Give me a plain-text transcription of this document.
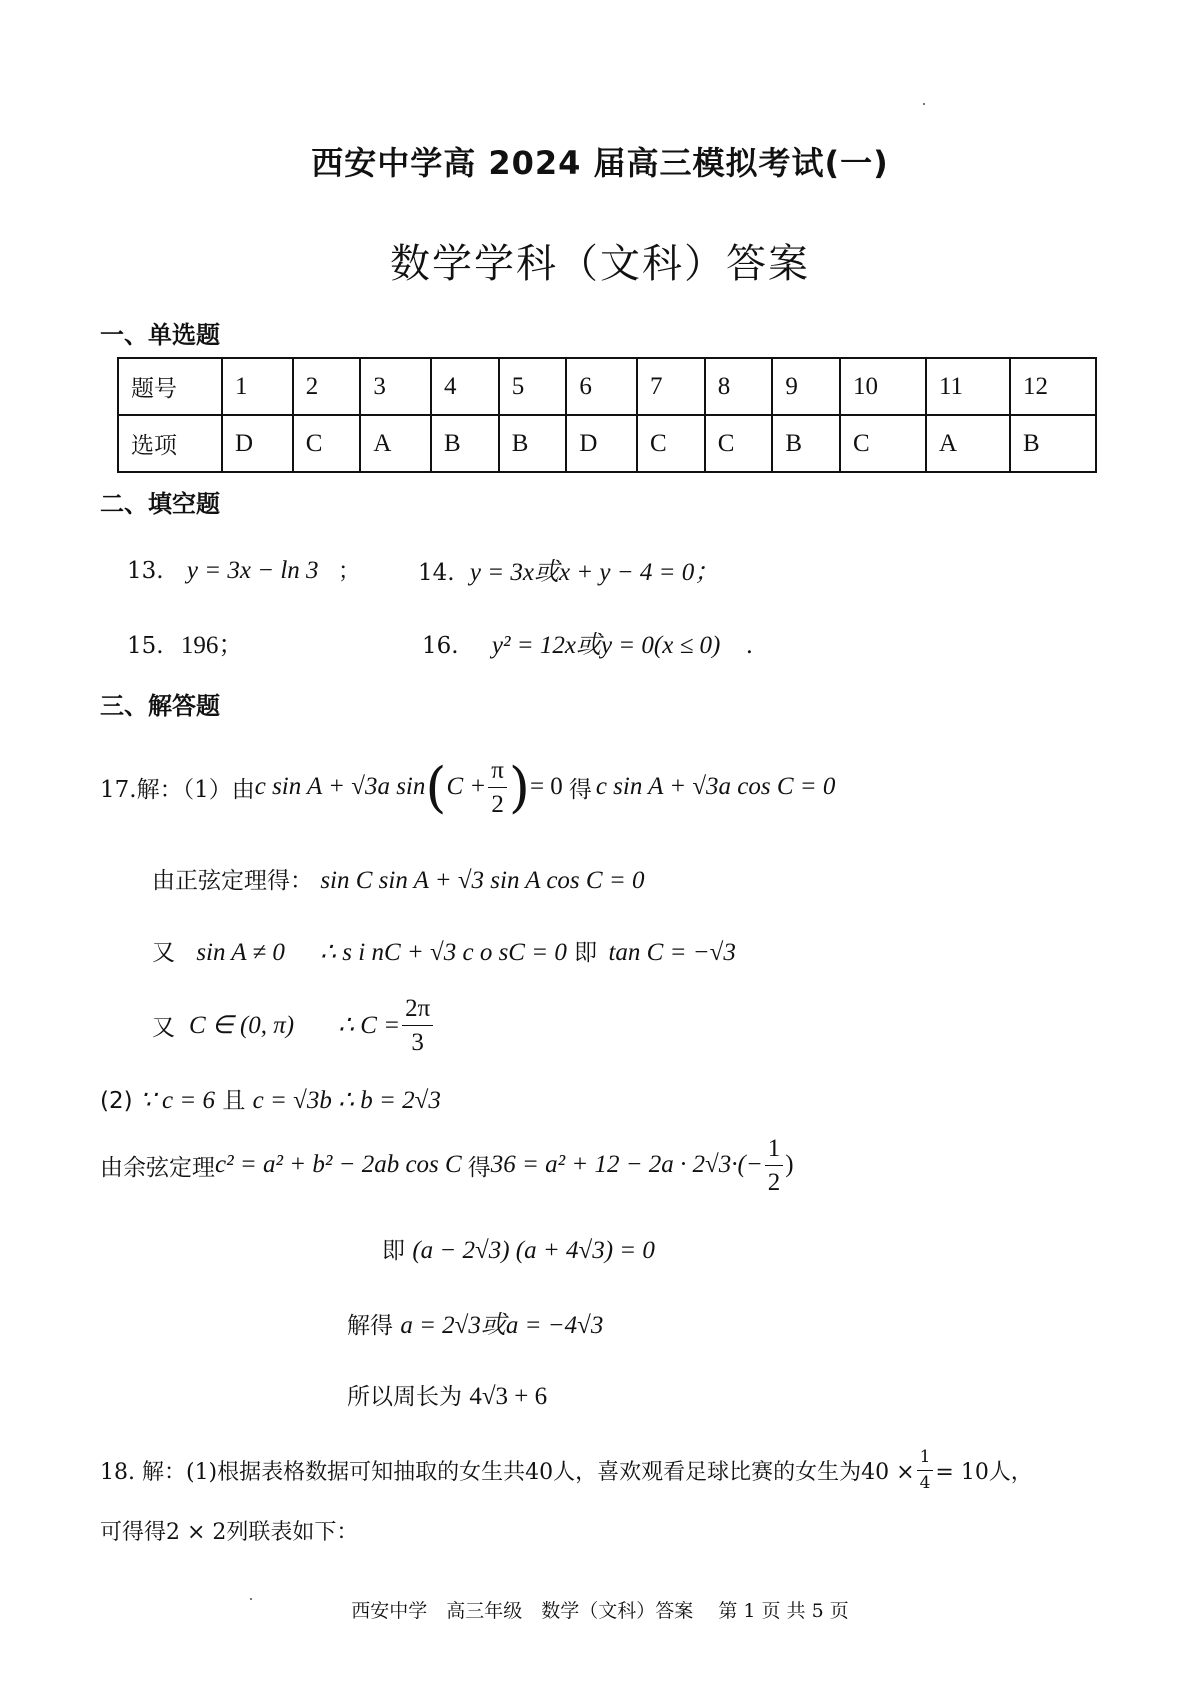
西安中学高 2024 届高三模拟考试(一)
数学学科（文科）答案
一、单选题
题号	1	2	3	4	5	6	7	8	9	10	11	12
选项	D	C	A	B	B	D	C	C	B	C	A	B
二、填空题
13. y = 3x − ln 3 ； 14. y = 3x或x + y − 4 = 0；
15. 196；	16. y² = 12x或y = 0(x ≤ 0) .
三、解答题
17.解：（1）由 c sin A + √3a sin ( $C + \frac{\pi}{2}$ ) = 0 得 c sin A + √3a cos C = 0
由正弦定理得： sin C sin A + √3 sin A cos C = 0
又 sin A ≠ 0 ∴ s i nC + √3 c o sC = 0 即 tan C = −√3
又 C ∈ (0, π) ∴ $C = \frac{2\pi}{3}$
(2) ∵ c = 6 且 c = √3b ∴ b = 2√3
由余弦定理 c² = a² + b² − 2ab cos C 得 $36 = a^2 + 12 - 2a \cdot 2√3\cdot(- \frac{1}{2}$ )
即 (a − 2√3) (a + 4√3) = 0
解得 a = 2√3或a = −4√3
所以周长为 4√3 + 6
18. 解：(1)根据表格数据可知抽取的女生共40人，喜欢观看足球比赛的女生为$40 \times \frac{1}{4} = 10$人，
可得得2 × 2列联表如下：
西安中学　高三年级　数学（文科）答案　 第 1 页 共 5 页
